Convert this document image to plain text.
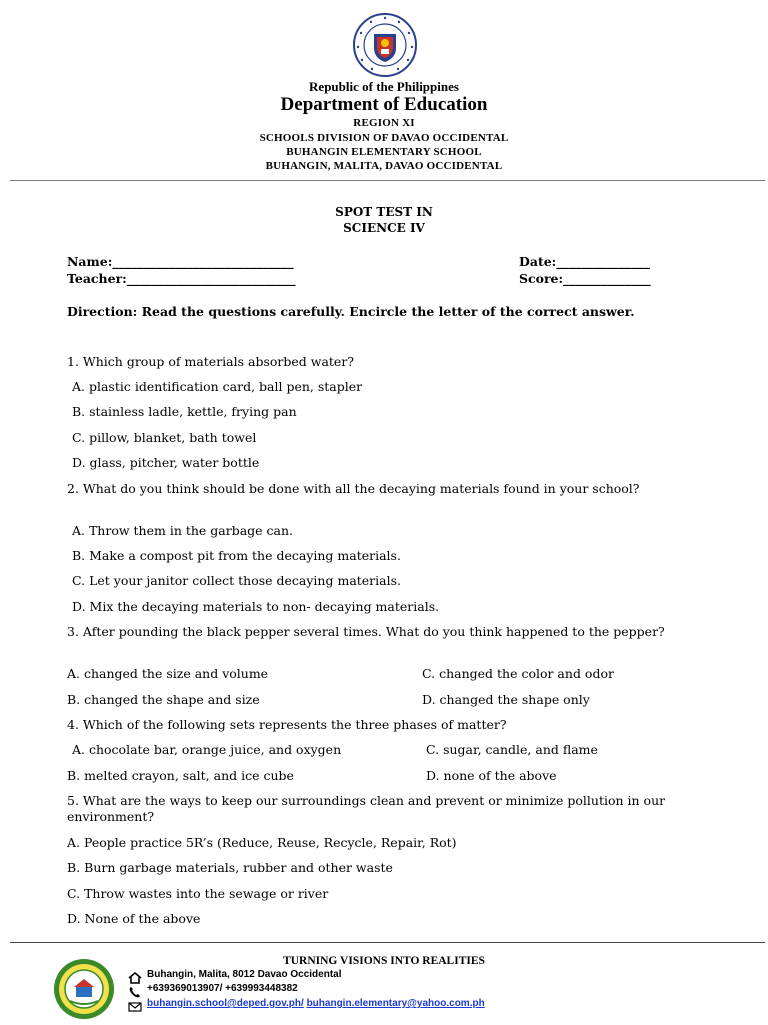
Republic of the Philippines
Department of Education
REGION XI
SCHOOLS DIVISION OF DAVAO OCCIDENTAL
BUHANGIN ELEMENTARY SCHOOL
BUHANGIN, MALITA, DAVAO OCCIDENTAL
SPOT TEST IN
SCIENCE IV
Name:_____________________________	Date:_______________
Teacher:___________________________	Score:______________
Direction: Read the questions carefully. Encircle the letter of the correct answer.
1. Which group of materials absorbed water?
A. plastic identification card, ball pen, stapler
B. stainless ladle, kettle, frying pan
C. pillow, blanket, bath towel
D. glass, pitcher, water bottle
2. What do you think should be done with all the decaying materials found in your school?
A. Throw them in the garbage can.
B. Make a compost pit from the decaying materials.
C. Let your janitor collect those decaying materials.
D. Mix the decaying materials to non- decaying materials.
3. After pounding the black pepper several times. What do you think happened to the pepper?
A. changed the size and volume	C. changed the color and odor
B. changed the shape and size	D. changed the shape only
4. Which of the following sets represents the three phases of matter?
A. chocolate bar, orange juice, and oxygen	C. sugar, candle, and flame
B. melted crayon, salt, and ice cube	D. none of the above
5. What are the ways to keep our surroundings clean and prevent or minimize pollution in our environment?
A. People practice 5R’s (Reduce, Reuse, Recycle, Repair, Rot)
B. Burn garbage materials, rubber and other waste
C. Throw wastes into the sewage or river
D. None of the above
TURNING VISIONS INTO REALITIES
Buhangin, Malita, 8012 Davao Occidental
+639369013907/ +639993448382
buhangin.school@deped.gov.ph/ buhangin.elementary@yahoo.com.ph
